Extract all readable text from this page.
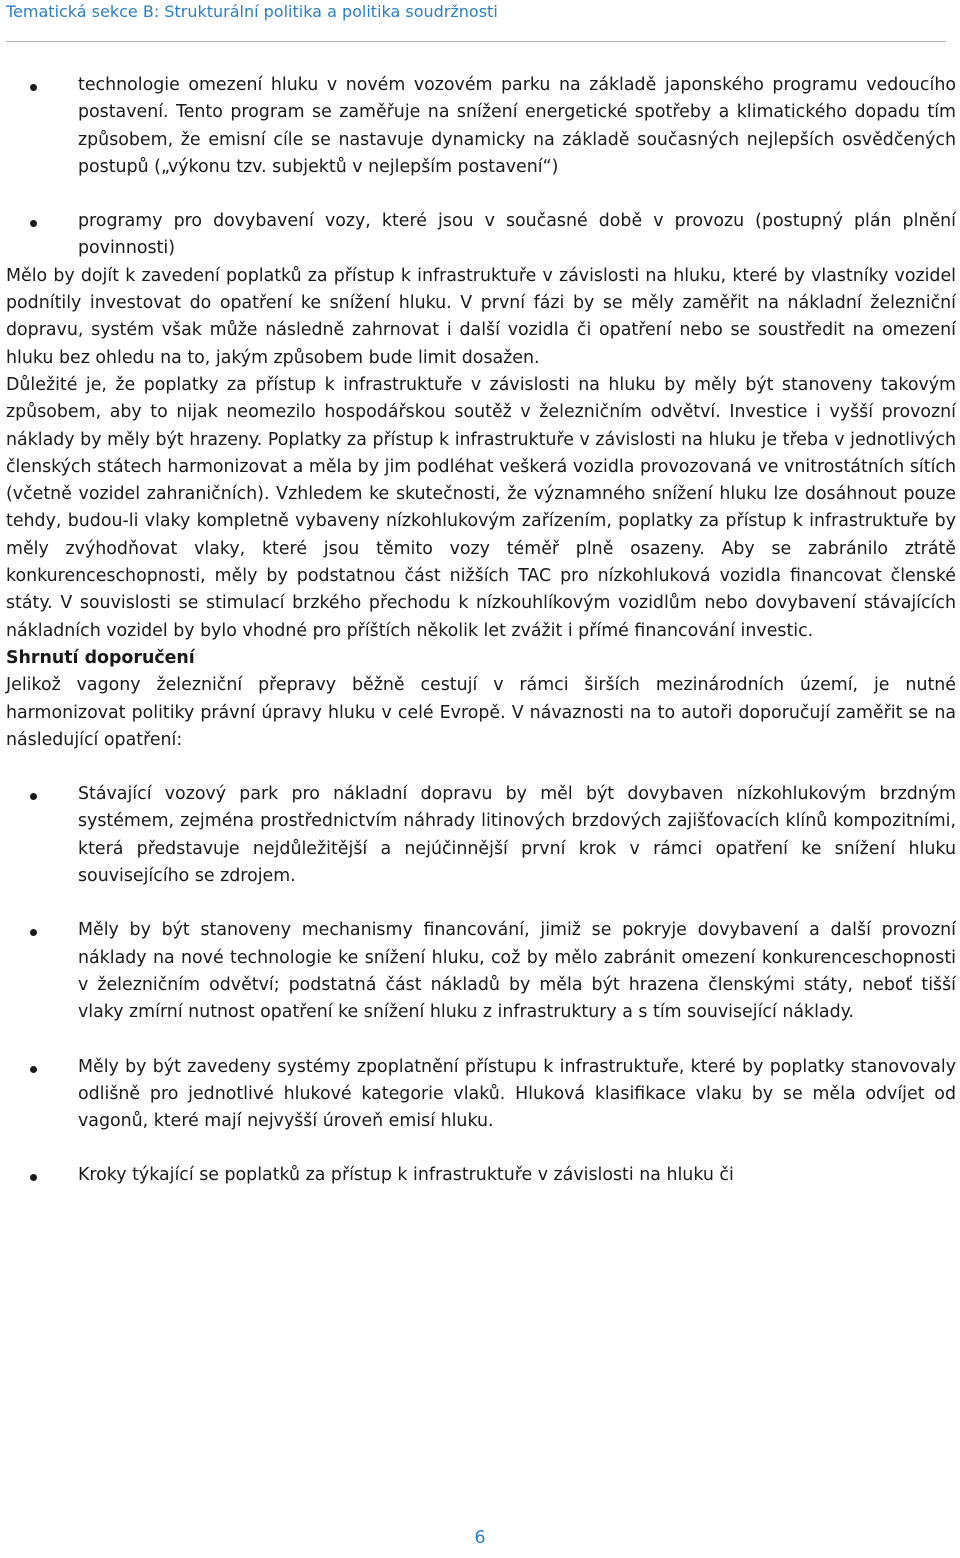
Tematická sekce B: Strukturální politika a politika soudržnosti
technologie omezení hluku v novém vozovém parku na základě japonského programu vedoucího postavení. Tento program se zaměřuje na snížení energetické spotřeby a klimatického dopadu tím způsobem, že emisní cíle se nastavuje dynamicky na základě současných nejlepších osvědčených postupů („výkonu tzv. subjektů v nejlepším postavení“)
programy pro dovybavení vozy, které jsou v současné době v provozu (postupný plán plnění povinnosti)

Mělo by dojít k zavedení poplatků za přístup k infrastruktuře v závislosti na hluku, které by vlastníky vozidel podnítily investovat do opatření ke snížení hluku. V první fázi by se měly zaměřit na nákladní železniční dopravu, systém však může následně zahrnovat i další vozidla či opatření nebo se soustředit na omezení hluku bez ohledu na to, jakým způsobem bude limit dosažen.

Důležité je, že poplatky za přístup k infrastruktuře v závislosti na hluku by měly být stanoveny takovým způsobem, aby to nijak neomezilo hospodářskou soutěž v železničním odvětví. Investice i vyšší provozní náklady by měly být hrazeny. Poplatky za přístup k infrastruktuře v závislosti na hluku je třeba v jednotlivých členských státech harmonizovat a měla by jim podléhat veškerá vozidla provozovaná ve vnitrostátních sítích (včetně vozidel zahraničních). Vzhledem ke skutečnosti, že významného snížení hluku lze dosáhnout pouze tehdy, budou-li vlaky kompletně vybaveny nízkohlukovým zařízením, poplatky za přístup k infrastruktuře by měly zvýhodňovat vlaky, které jsou těmito vozy téměř plně osazeny. Aby se zabránilo ztrátě konkurenceschopnosti, měly by podstatnou část nižších TAC pro nízkohluková vozidla financovat členské státy. V souvislosti se stimulací brzkého přechodu k nízkouhlíkovým vozidlům nebo dovybavení stávajících nákladních vozidel by bylo vhodné pro příštích několik let zvážit i přímé financování investic.

Shrnutí doporučení

Jelikož vagony železniční přepravy běžně cestují v rámci širších mezinárodních území, je nutné harmonizovat politiky právní úpravy hluku v celé Evropě. V návaznosti na to autoři doporučují zaměřit se na následující opatření:

Stávající vozový park pro nákladní dopravu by měl být dovybaven nízkohlukovým brzdným systémem, zejména prostřednictvím náhrady litinových brzdových zajišťovacích klínů kompozitními, která představuje nejdůležitější a nejúčinnější první krok v rámci opatření ke snížení hluku souvisejícího se zdrojem.
Měly by být stanoveny mechanismy financování, jimiž se pokryje dovybavení a další provozní náklady na nové technologie ke snížení hluku, což by mělo zabránit omezení konkurenceschopnosti v železničním odvětví; podstatná část nákladů by měla být hrazena členskými státy, neboť tišší vlaky zmírní nutnost opatření ke snížení hluku z infrastruktury a s tím související náklady.
Měly by být zavedeny systémy zpoplatnění přístupu k infrastruktuře, které by poplatky stanovovaly odlišně pro jednotlivé hlukové kategorie vlaků. Hluková klasifikace vlaku by se měla odvíjet od vagonů, které mají nejvyšší úroveň emisí hluku.
Kroky týkající se poplatků za přístup k infrastruktuře v závislosti na hluku či
6
